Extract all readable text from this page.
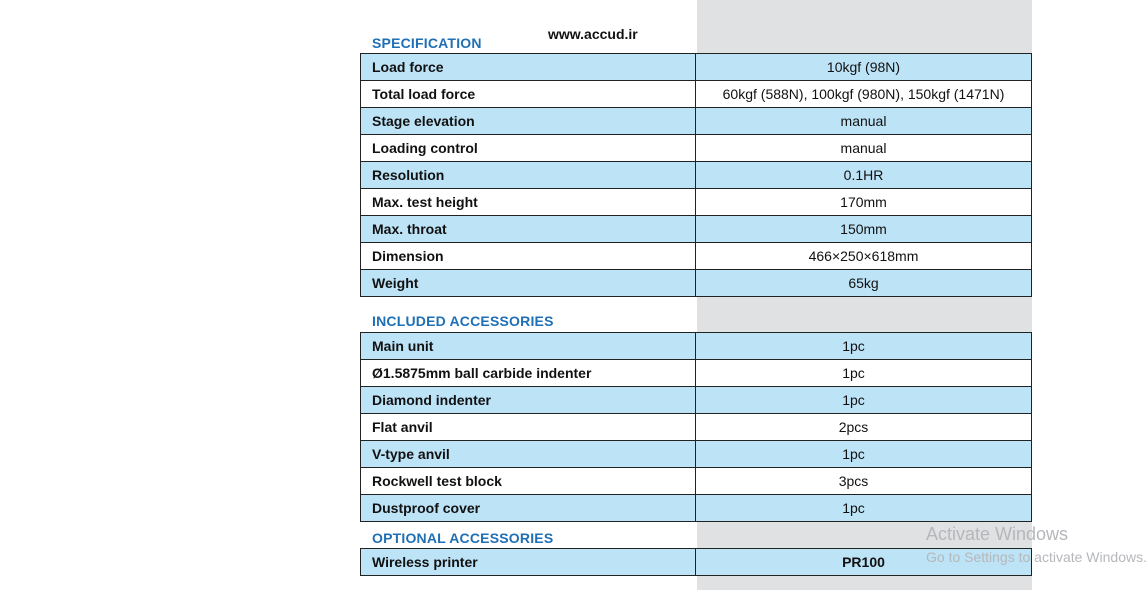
SPECIFICATION
www.accud.ir
Load force	10kgf (98N)
Total load force	60kgf (588N), 100kgf (980N), 150kgf (1471N)
Stage elevation	manual
Loading control	manual
Resolution	0.1HR
Max. test height	170mm
Max. throat	150mm
Dimension	466×250×618mm
Weight	65kg
INCLUDED ACCESSORIES
Main unit	1pc
Ø1.5875mm ball carbide indenter	1pc
Diamond indenter	1pc
Flat anvil	2pcs
V-type anvil	1pc
Rockwell test block	3pcs
Dustproof cover	1pc
OPTIONAL ACCESSORIES
Wireless printer	PR100
Activate Windows
Go to Settings to activate Windows.
